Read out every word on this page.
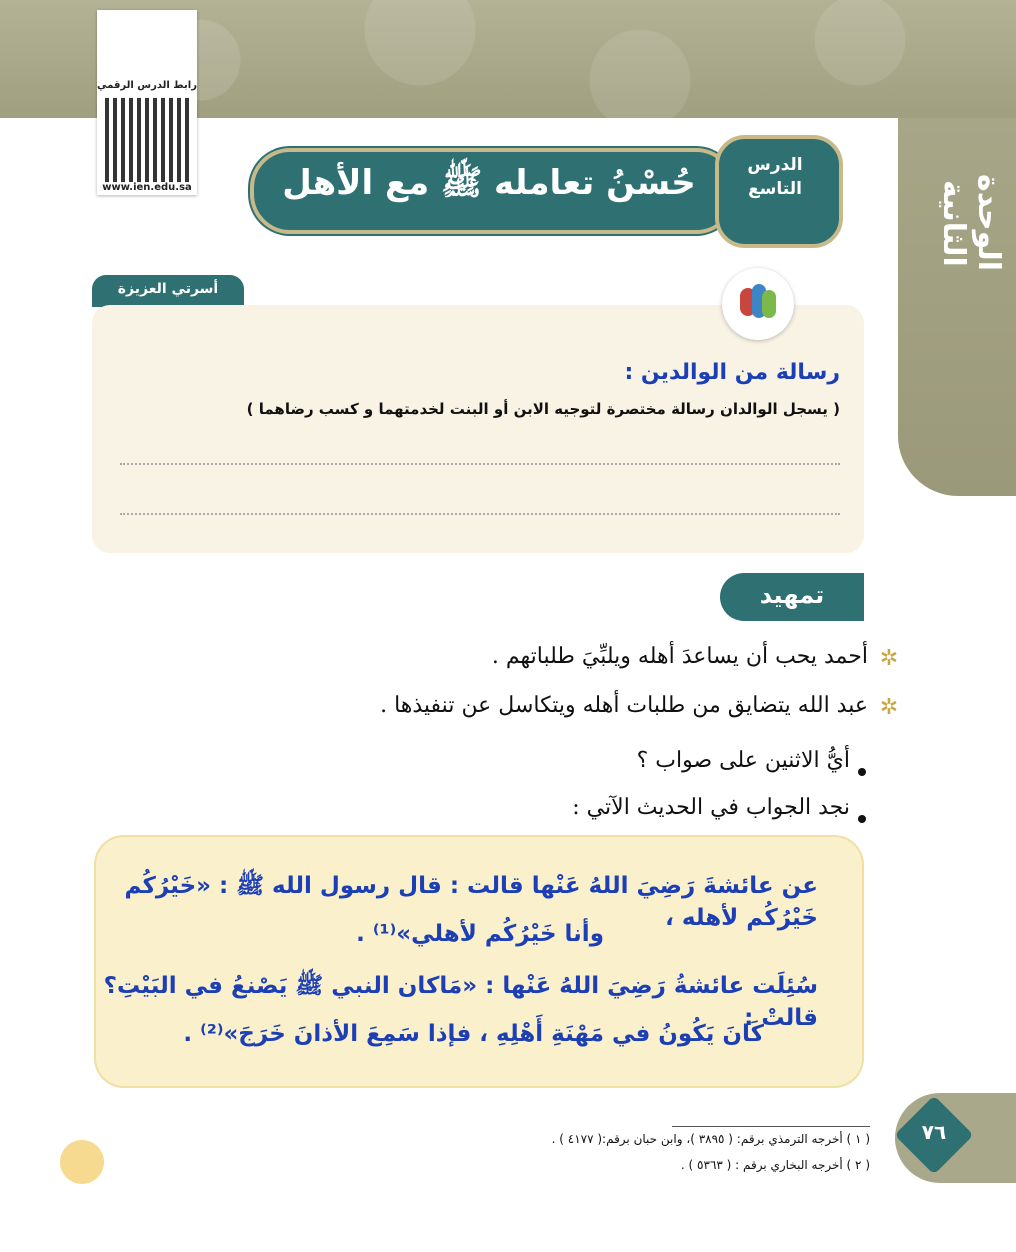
الوحدة الثانية
رابط الدرس الرقمي
www.ien.edu.sa	حُسْنُ تعامله ﷺ مع الأهل	الدرس
التاسع
أسرتي العزيزة
رسالة من الوالدين :
( يسجل الوالدان رسالة مختصرة لتوجيه الابن أو البنت لخدمتهما و كسب رضاهما )
تمهيد
✲
أحمد يحب أن يساعدَ أهله ويلبِّيَ طلباتهم .
✲
عبد الله يتضايق من طلبات أهله ويتكاسل عن تنفيذها .
أيُّ الاثنين على صواب ؟
نجد الجواب في الحديث الآتي :
عن عائشةَ رَضِيَ اللهُ عَنْها قالت : قال رسول الله ﷺ : «خَيْرُكُم خَيْرُكُم لأهله ،
وأنا خَيْرُكُم لأهلي»⁽¹⁾ .
سُئِلَت عائشةُ رَضِيَ اللهُ عَنْها : «مَاكان النبي ﷺ يَصْنعُ في البَيْتِ؟ قالتْ :
كَانَ يَكُونُ في مَهْنَةِ أَهْلِهِ ، فإذا سَمِعَ الأذانَ خَرَجَ»⁽²⁾ .
٧٦
( ١ ) أخرجه الترمذي برقم: ( ٣٨٩٥ )، وابن حبان برقم:( ٤١٧٧ ) .
( ٢ ) أخرجه البخاري برقم : ( ٥٣٦٣ ) .
